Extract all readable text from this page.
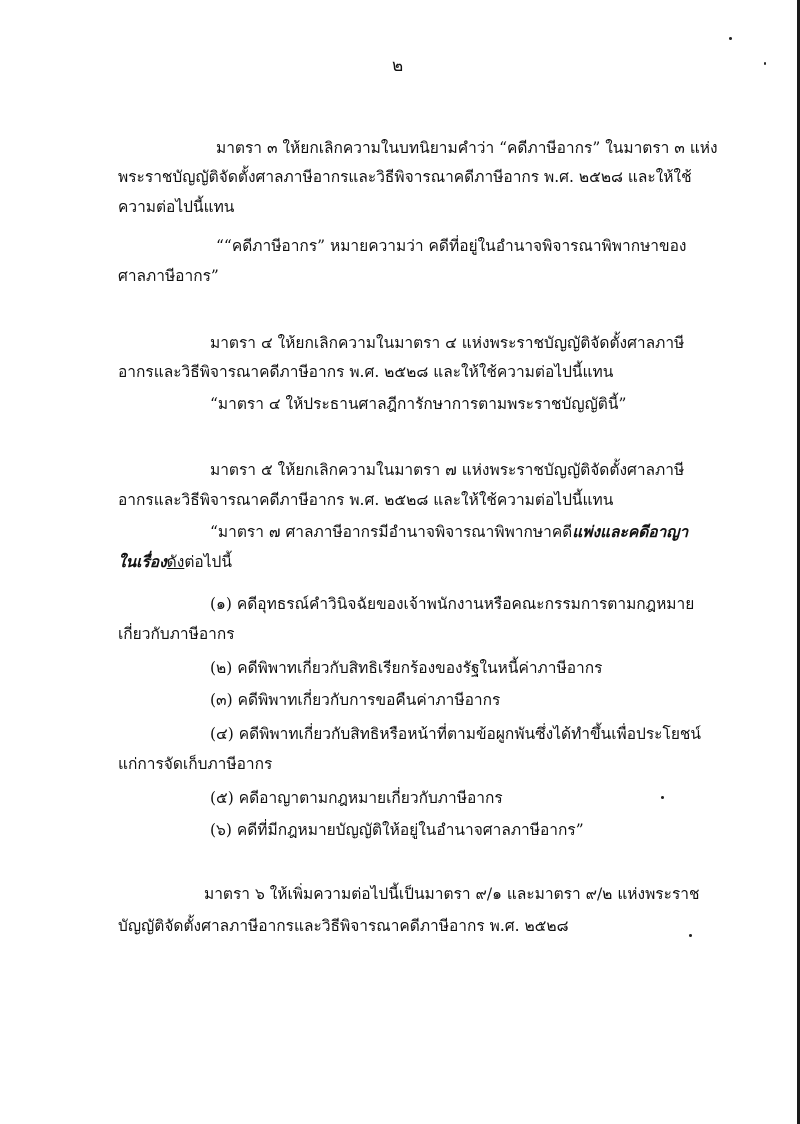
๒
มาตรา ๓ ให้ยกเลิกความในบทนิยามคำว่า “คดีภาษีอากร” ในมาตรา ๓ แห่ง
พระราชบัญญัติจัดตั้งศาลภาษีอากรและวิธีพิจารณาคดีภาษีอากร พ.ศ. ๒๕๒๘ และให้ใช้
ความต่อไปนี้แทน
““คดีภาษีอากร” หมายความว่า คดีที่อยู่ในอำนาจพิจารณาพิพากษาของ
ศาลภาษีอากร”
มาตรา ๔ ให้ยกเลิกความในมาตรา ๔ แห่งพระราชบัญญัติจัดตั้งศาลภาษี
อากรและวิธีพิจารณาคดีภาษีอากร พ.ศ. ๒๕๒๘ และให้ใช้ความต่อไปนี้แทน
“มาตรา ๔ ให้ประธานศาลฎีการักษาการตามพระราชบัญญัตินี้”
มาตรา ๕ ให้ยกเลิกความในมาตรา ๗ แห่งพระราชบัญญัติจัดตั้งศาลภาษี
อากรและวิธีพิจารณาคดีภาษีอากร พ.ศ. ๒๕๒๘ และให้ใช้ความต่อไปนี้แทน
“มาตรา ๗ ศาลภาษีอากรมีอำนาจพิจารณาพิพากษาคดีแพ่งและคดีอาญา
ในเรื่องดังต่อไปนี้
(๑) คดีอุทธรณ์คำวินิจฉัยของเจ้าพนักงานหรือคณะกรรมการตามกฎหมาย
เกี่ยวกับภาษีอากร
(๒) คดีพิพาทเกี่ยวกับสิทธิเรียกร้องของรัฐในหนี้ค่าภาษีอากร
(๓) คดีพิพาทเกี่ยวกับการขอคืนค่าภาษีอากร
(๔) คดีพิพาทเกี่ยวกับสิทธิหรือหน้าที่ตามข้อผูกพันซึ่งได้ทำขึ้นเพื่อประโยชน์
แก่การจัดเก็บภาษีอากร
(๕) คดีอาญาตามกฎหมายเกี่ยวกับภาษีอากร
(๖) คดีที่มีกฎหมายบัญญัติให้อยู่ในอำนาจศาลภาษีอากร”
มาตรา ๖ ให้เพิ่มความต่อไปนี้เป็นมาตรา ๙/๑ และมาตรา ๙/๒ แห่งพระราช
บัญญัติจัดตั้งศาลภาษีอากรและวิธีพิจารณาคดีภาษีอากร พ.ศ. ๒๕๒๘
